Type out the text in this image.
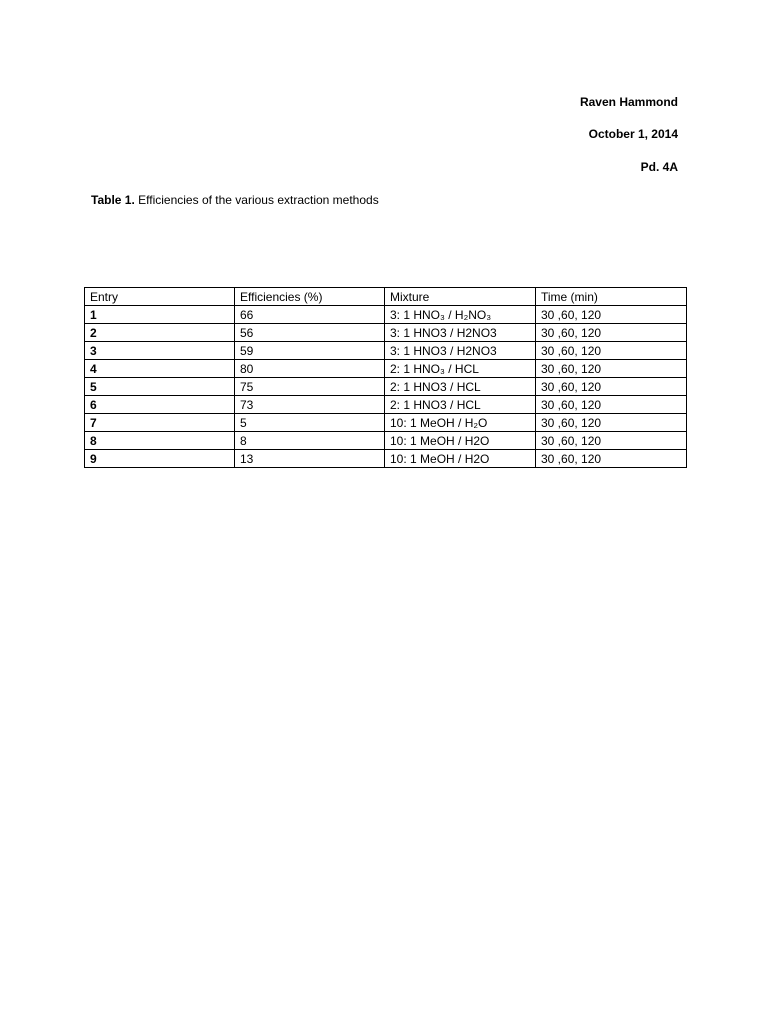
Raven Hammond
October 1, 2014
Pd. 4A
Table 1. Efficiencies of the various extraction methods
Entry	Efficiencies (%)	Mixture	Time (min)
1	66	3: 1 HNO₃ / H₂NO₃	30 ,60, 120
2	56	3: 1 HNO3 / H2NO3	30 ,60, 120
3	59	3: 1 HNO3 / H2NO3	30 ,60, 120
4	80	2: 1 HNO₃ / HCL	30 ,60, 120
5	75	2: 1 HNO3 / HCL	30 ,60, 120
6	73	2: 1 HNO3 / HCL	30 ,60, 120
7	5	10: 1 MeOH / H₂O	30 ,60, 120
8	8	10: 1 MeOH / H2O	30 ,60, 120
9	13	10: 1 MeOH / H2O	30 ,60, 120
